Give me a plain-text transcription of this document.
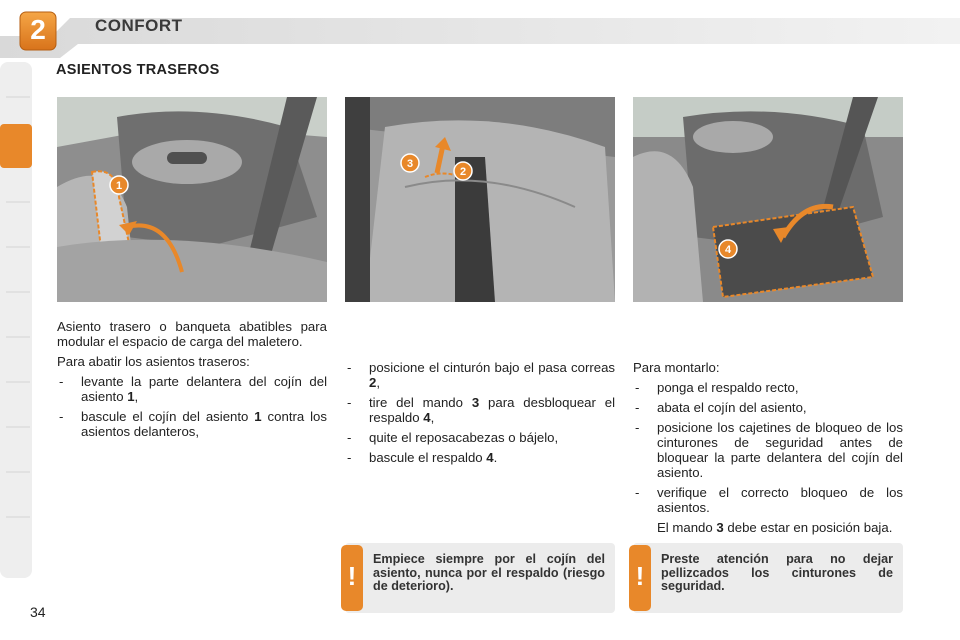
2	CONFORT
ASIENTOS TRASEROS
1
3
2
4

Asiento trasero o banqueta abatibles para modular el espacio de carga del maletero.

Para abatir los asientos traseros:

- levante la parte delantera del cojín del asiento 1,
- bascule el cojín del asiento 1 contra los asientos delanteros,
- posicione el cinturón bajo el pasa correas 2,
- tire del mando 3 para desbloquear el respaldo 4,
- quite el reposacabezas o bájelo,
- bascule el respaldo 4.

Para montarlo:

- ponga el respaldo recto,
- abata el cojín del asiento,
- posicione los cajetines de bloqueo de los cinturones de seguridad antes de bloquear la parte delantera del cojín del asiento.
- verifique el correcto bloqueo de los asientos.
El mando 3 debe estar en posición baja.
!
Empiece siempre por el cojín del asiento, nunca por el respaldo (riesgo de deterioro).	!
Preste atención para no dejar pellizcados los cinturones de seguridad.
34
